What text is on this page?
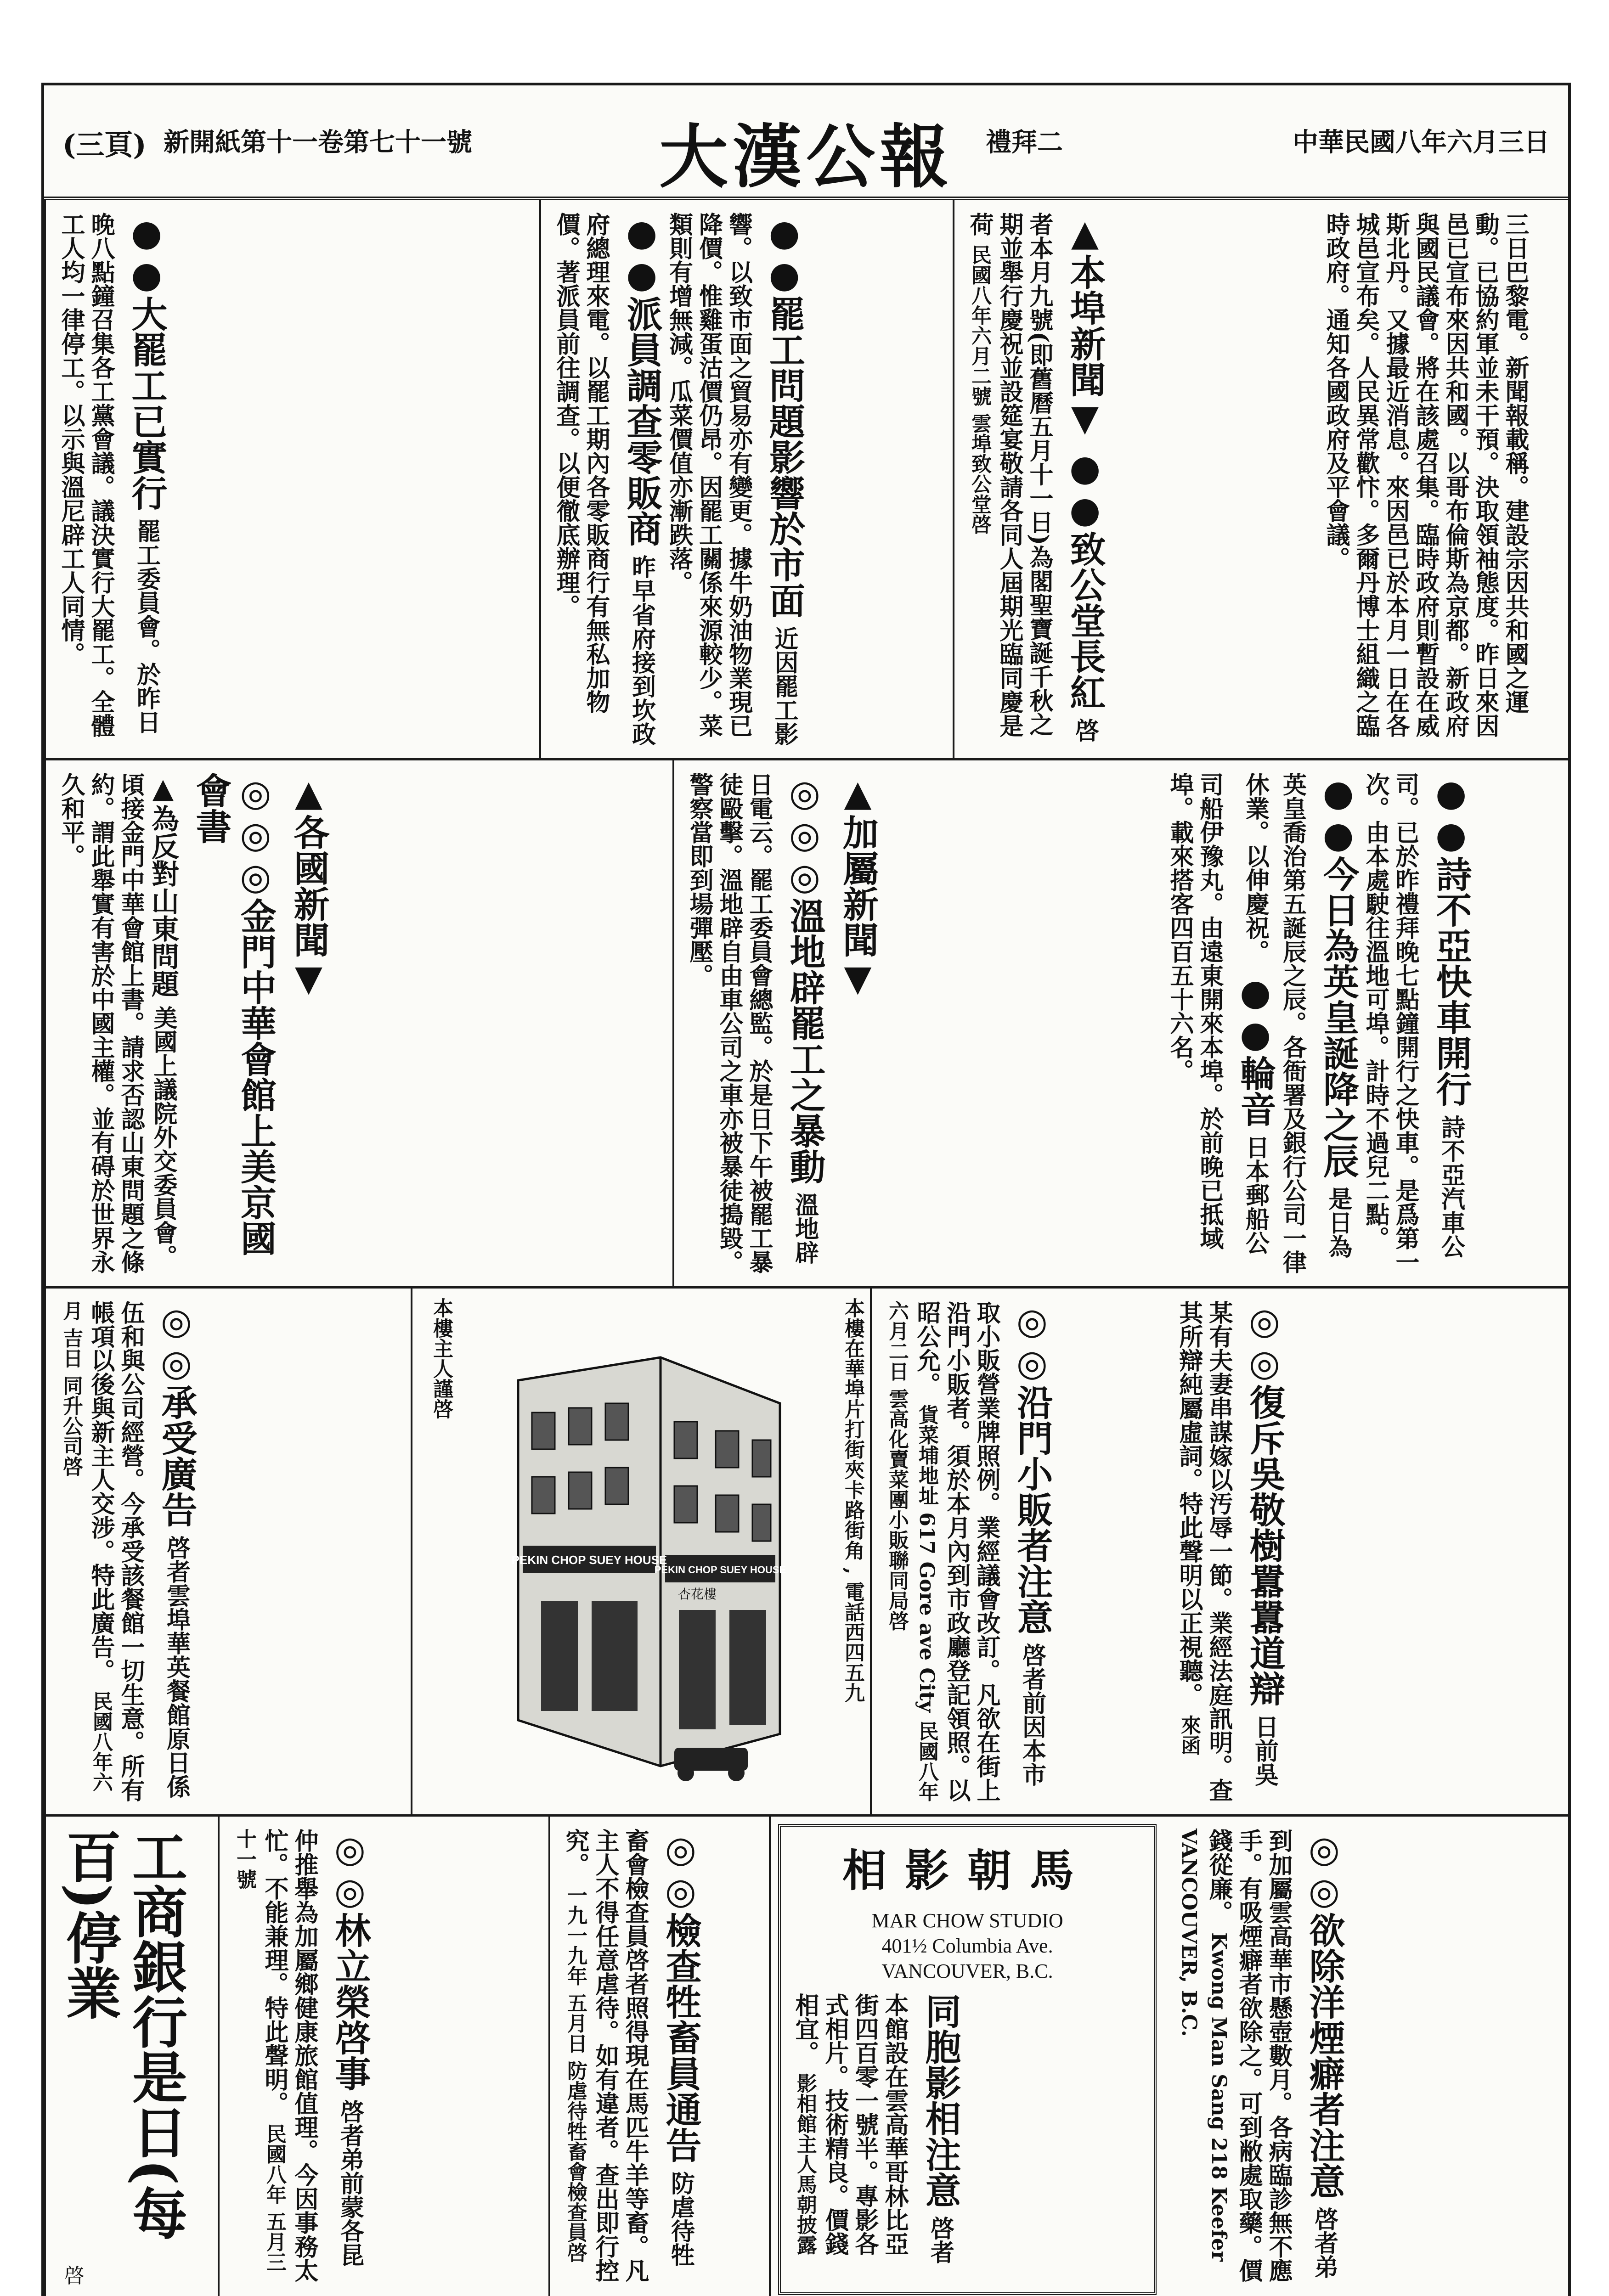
(三頁) 新開紙第十一卷第七十一號	大漢公報	禮拜二	中華民國八年六月三日
三日巴黎電。新聞報載稱。建設宗因共和國之運動。已協約軍並未干預。決取領袖態度。昨日來因邑已宣布來因共和國。以哥布倫斯為京都。新政府與國民議會。將在該處召集。臨時政府則暫設在威斯北丹。又據最近消息。來因邑已於本月一日在各城邑宣布矣。人民異常歡忭。多爾丹博士組織之臨時政府。通知各國政府及平會議。
▲本埠新聞▼ ●●致公堂長紅 啓者本月九號(即舊曆五月十一日)為閣聖寶誕千秋之期並舉行慶祝並設筵宴敬請各同人屆期光臨同慶是荷 民國八年六月二號 雲埠致公堂啓
●●罷工問題影響於市面 近因罷工影響。以致市面之貿易亦有變更。據牛奶油物業現已降價。惟雞蛋沽價仍昂。因罷工關係來源較少。菜類則有增無減。瓜菜價值亦漸跌落。 ●●派員調查零販商 昨早省府接到坎政府總理來電。以罷工期內各零販商行有無私加物價。著派員前往調查。以便徹底辦理。
●●大罷工已實行 罷工委員會。於昨日晚八點鐘召集各工黨會議。議決實行大罷工。全體工人均一律停工。以示與溫尼辟工人同情。
●●詩不亞快車開行 詩不亞汽車公司。已於昨禮拜晚七點鐘開行之快車。是爲第一次。由本處駛往溫地可埠。計時不過兒二點。 ●●今日為英皇誕降之辰 是日為英皇喬治第五誕辰之辰。各衙署及銀行公司一律休業。以伸慶祝。 ●●輪音 日本郵船公司船伊豫丸。由遠東開來本埠。於前晚已抵域埠。載來搭客四百五十六名。
▲加屬新聞▼ ◎◎◎溫地辟罷工之暴動 溫地辟日電云。罷工委員會總監。於是日下午被罷工暴徒毆擊。溫地辟自由車公司之車亦被暴徒搗毀。警察當即到場彈壓。
▲各國新聞▼ ◎◎◎金門中華會館上美京國會書 ▲為反對山東問題 美國上議院外交委員會。頃接金門中華會館上書。請求否認山東問題之條約。謂此舉實有害於中國主權。並有碍於世界永久和平。
◎◎復斥吳敬樹囂囂道辯 日前吳某有夫妻串謀嫁以汚辱一節。業經法庭訊明。查其所辯純屬虛詞。特此聲明以正視聽。 來函
◎◎沿門小販者注意 啓者前因本市取小販營業牌照例。業經議會改訂。凡欲在街上沿門小販者。須於本月內到市政廳登記領照。以昭公允。 貨菜埔地址 617 Gore ave City 民國八年六月二日 雲高化賣菜團小販聯同局啓
本樓在華埠片打街夾卡路街角 , 電話西四五九
本樓主人謹啓
PEKIN CHOP SUEY HOUSE
PEKIN CHOP SUEY HOUSE
杏花樓
◎◎承受廣告 啓者雲埠華英餐館原日係伍和與公司經營。今承受該餐館一切生意。所有帳項以後與新主人交涉。特此廣告。 民國八年六月 吉日 同升公司啓
◎◎欲除洋煙癖者注意 啓者弟到加屬雲高華市懸壺數月。各病臨診無不應手。有吸煙癖者欲除之。可到敝處取藥。價錢從廉。 Kwong Man Sang 218 Keefer VANCOUVER, B.C.
相影朝馬
MAR CHOW STUDIO
401½ Columbia Ave.
VANCOUVER, B.C.
同胞影相注意 啓者本館設在雲高華哥林比亞街四百零一號半。專影各式相片。技術精良。價錢相宜。 影相館主人馬朝披露
◎◎檢查牲畜員通告 防虐待牲畜會檢查員啓者照得現在馬匹牛羊等畜。凡主人不得任意虐待。如有違者。查出即行控究。 一九一九年 五月日 防虐待牲畜會檢查員啓
◎◎林立榮啓事 啓者弟前蒙各昆仲推舉為加屬鄉健康旅館值理。今因事務太忙。不能兼理。特此聲明。 民國八年 五月三十一號
工商銀行是日(每百)停業
啓
